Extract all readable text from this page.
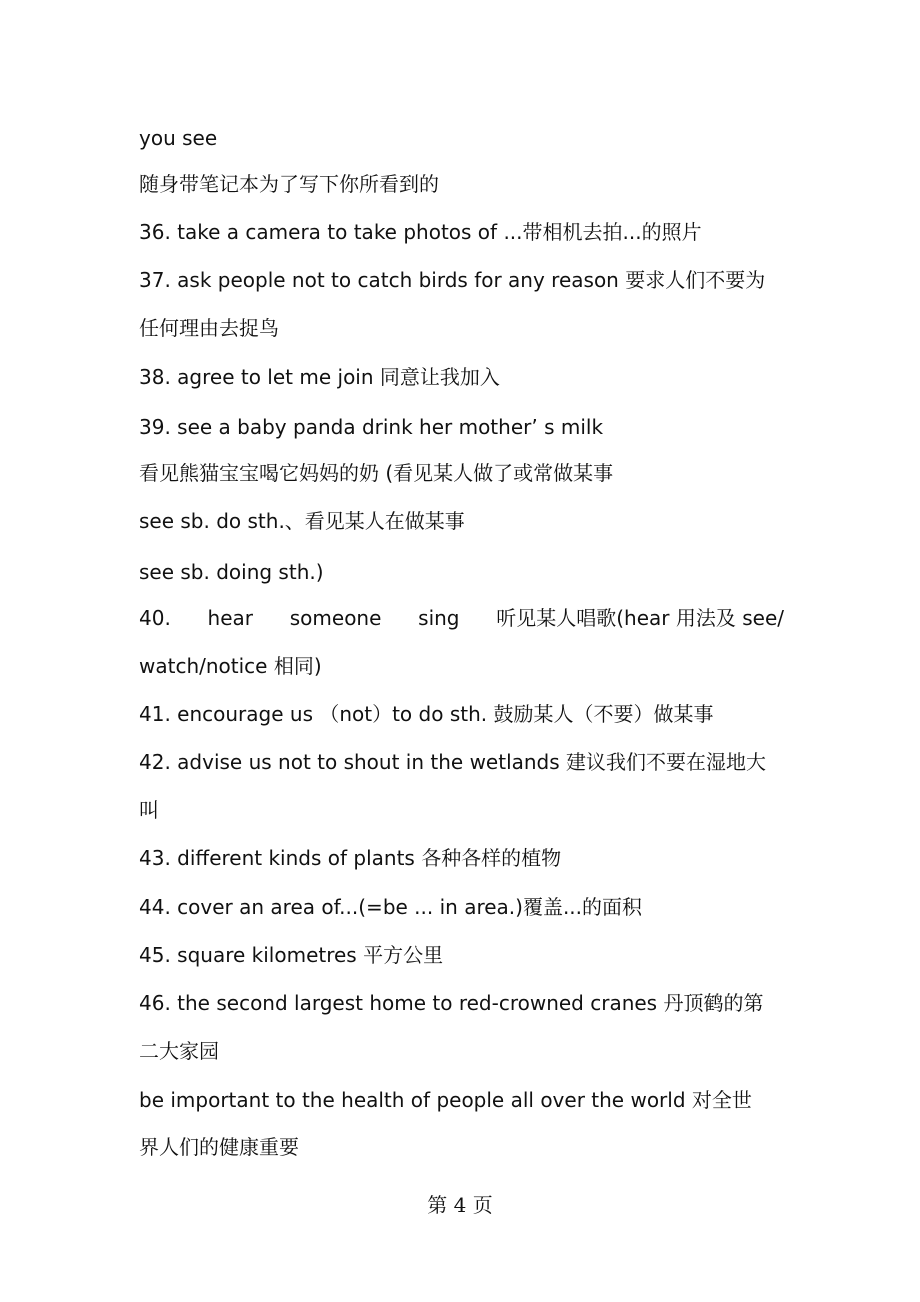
you see
随身带笔记本为了写下你所看到的
36. take a camera to take photos of ...带相机去拍...的照片
37. ask people not to catch birds for any reason 要求人们不要为
任何理由去捉鸟
38. agree to let me join 同意让我加入
39. see a baby panda drink her mother’ s milk
看见熊猫宝宝喝它妈妈的奶 (看见某人做了或常做某事
see sb. do sth.、看见某人在做某事
see sb. doing sth.)
40. hear someone sing 听见某人唱歌(hear 用法及 see/
watch/notice 相同)
41. encourage us （not）to do sth. 鼓励某人（不要）做某事
42. advise us not to shout in the wetlands 建议我们不要在湿地大
叫
43. different kinds of plants 各种各样的植物
44. cover an area of...(=be ... in area.)覆盖...的面积
45. square kilometres 平方公里
46. the second largest home to red-crowned cranes 丹顶鹤的第
二大家园
be important to the health of people all over the world 对全世
界人们的健康重要
第 4 页
